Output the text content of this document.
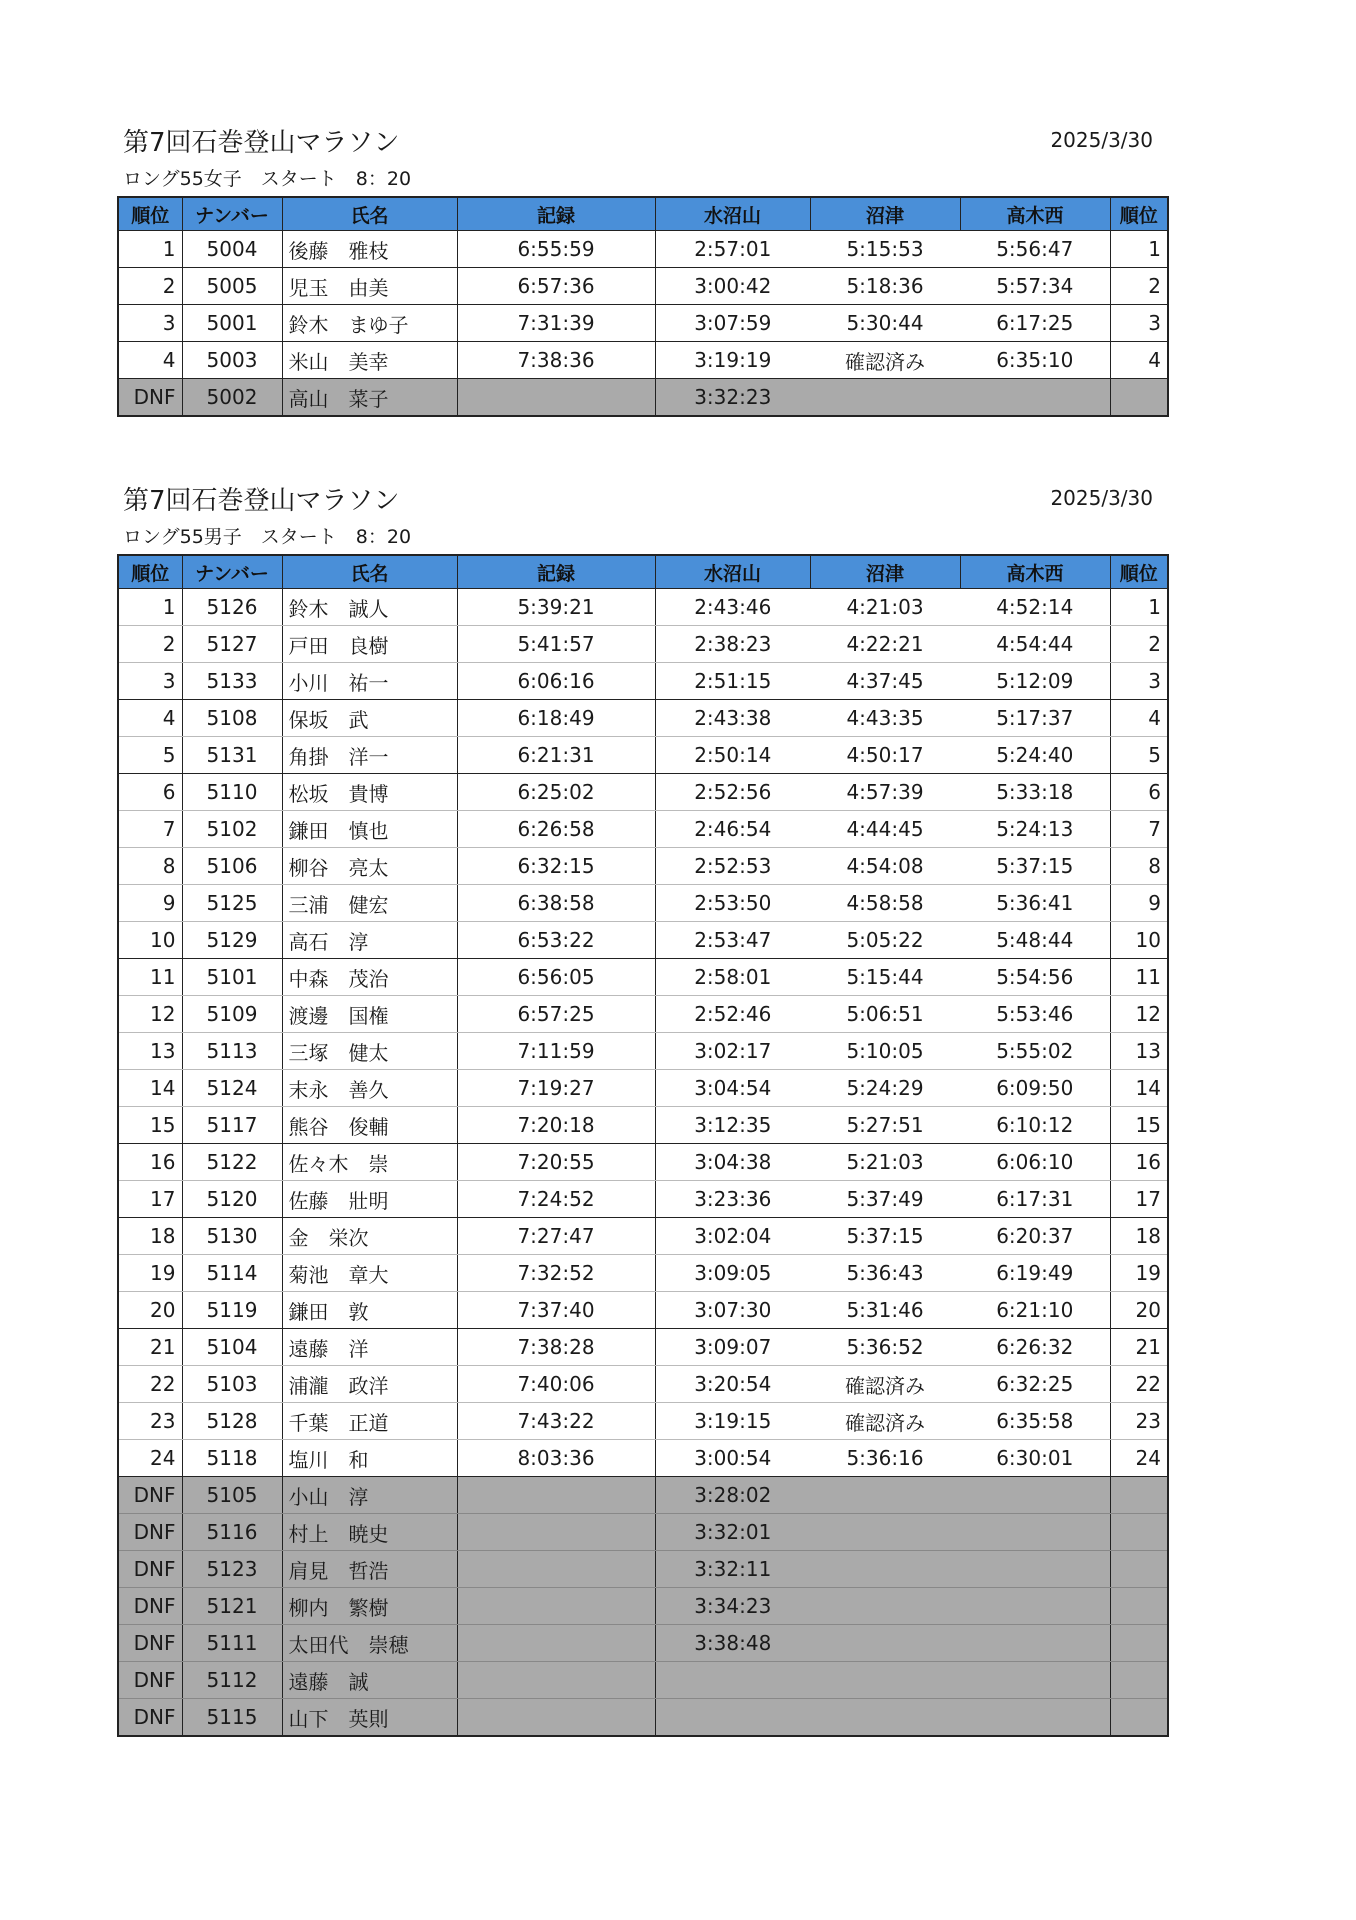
第7回石巻登山マラソン	2025/3/30
ロング55女子　スタート　8：20
順位	ナンバー	氏名	記録	水沼山	沼津	高木西	順位
1	5004	後藤　雅枝	6:55:59	2:57:01	5:15:53	5:56:47	1
2	5005	児玉　由美	6:57:36	3:00:42	5:18:36	5:57:34	2
3	5001	鈴木　まゆ子	7:31:39	3:07:59	5:30:44	6:17:25	3
4	5003	米山　美幸	7:38:36	3:19:19	確認済み	6:35:10	4
DNF	5002	高山　菜子		3:32:23			
第7回石巻登山マラソン	2025/3/30
ロング55男子　スタート　8：20
順位	ナンバー	氏名	記録	水沼山	沼津	高木西	順位
1	5126	鈴木　誠人	5:39:21	2:43:46	4:21:03	4:52:14	1
2	5127	戸田　良樹	5:41:57	2:38:23	4:22:21	4:54:44	2
3	5133	小川　祐一	6:06:16	2:51:15	4:37:45	5:12:09	3
4	5108	保坂　武	6:18:49	2:43:38	4:43:35	5:17:37	4
5	5131	角掛　洋一	6:21:31	2:50:14	4:50:17	5:24:40	5
6	5110	松坂　貴博	6:25:02	2:52:56	4:57:39	5:33:18	6
7	5102	鎌田　慎也	6:26:58	2:46:54	4:44:45	5:24:13	7
8	5106	柳谷　亮太	6:32:15	2:52:53	4:54:08	5:37:15	8
9	5125	三浦　健宏	6:38:58	2:53:50	4:58:58	5:36:41	9
10	5129	高石　淳	6:53:22	2:53:47	5:05:22	5:48:44	10
11	5101	中森　茂治	6:56:05	2:58:01	5:15:44	5:54:56	11
12	5109	渡邊　国権	6:57:25	2:52:46	5:06:51	5:53:46	12
13	5113	三塚　健太	7:11:59	3:02:17	5:10:05	5:55:02	13
14	5124	末永　善久	7:19:27	3:04:54	5:24:29	6:09:50	14
15	5117	熊谷　俊輔	7:20:18	3:12:35	5:27:51	6:10:12	15
16	5122	佐々木　崇	7:20:55	3:04:38	5:21:03	6:06:10	16
17	5120	佐藤　壯明	7:24:52	3:23:36	5:37:49	6:17:31	17
18	5130	金　栄次	7:27:47	3:02:04	5:37:15	6:20:37	18
19	5114	菊池　章大	7:32:52	3:09:05	5:36:43	6:19:49	19
20	5119	鎌田　敦	7:37:40	3:07:30	5:31:46	6:21:10	20
21	5104	遠藤　洋	7:38:28	3:09:07	5:36:52	6:26:32	21
22	5103	浦瀧　政洋	7:40:06	3:20:54	確認済み	6:32:25	22
23	5128	千葉　正道	7:43:22	3:19:15	確認済み	6:35:58	23
24	5118	塩川　和	8:03:36	3:00:54	5:36:16	6:30:01	24
DNF	5105	小山　淳		3:28:02			
DNF	5116	村上　暁史		3:32:01			
DNF	5123	肩見　哲浩		3:32:11			
DNF	5121	柳内　繁樹		3:34:23			
DNF	5111	太田代　崇穂		3:38:48			
DNF	5112	遠藤　誠					
DNF	5115	山下　英則					
